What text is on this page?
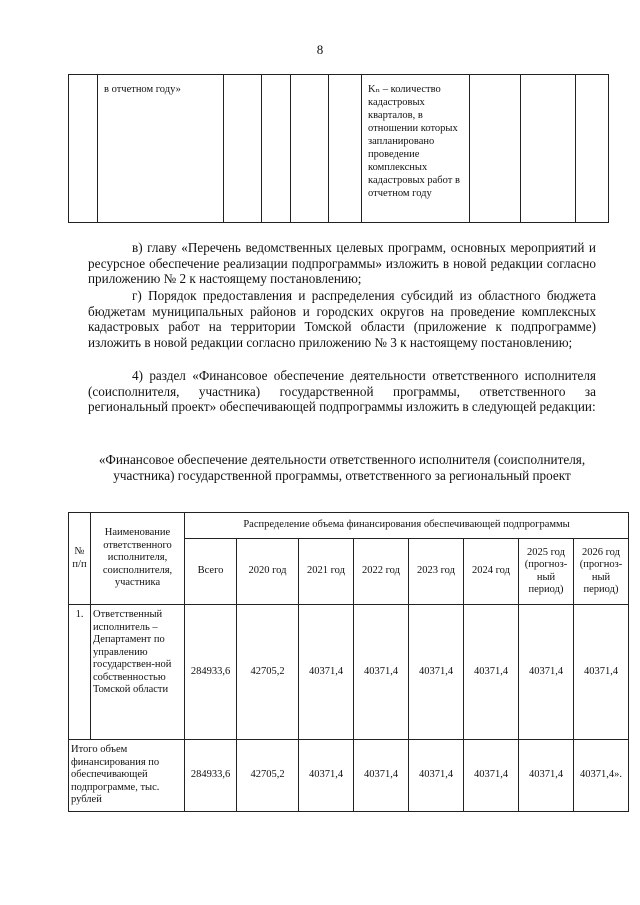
8
	в отчетном году»					Kₙ – количество кадастровых кварталов, в отношении которых запланировано проведение комплексных кадастровых работ в отчетном году			
в) главу «Перечень ведомственных целевых программ, основных мероприятий и ресурсное обеспечение реализации подпрограммы» изложить в новой редакции согласно приложению № 2 к настоящему постановлению;
г) Порядок предоставления и распределения субсидий из областного бюджета бюджетам муниципальных районов и городских округов на проведение комплексных кадастровых работ на территории Томской области (приложение к подпрограмме) изложить в новой редакции согласно приложению № 3 к настоящему постановлению;
4) раздел «Финансовое обеспечение деятельности ответственного исполнителя (соисполнителя, участника) государственной программы, ответственного за региональный проект» обеспечивающей подпрограммы изложить в следующей редакции:
«Финансовое обеспечение деятельности ответственного исполнителя (соисполнителя, участника) государственной программы, ответственного за региональный проект
№ п/п	Наименование ответственного исполнителя, соисполнителя, участника	Распределение объема финансирования обеспечивающей подпрограммы							
		Всего	2020 год	2021 год	2022 год	2023 год	2024 год	2025 год (прогноз-ный период)	2026 год (прогноз-ный период)
1.	Ответственный исполнитель – Департамент по управлению государствен-ной собственностью Томской области	284933,6	42705,2	40371,4	40371,4	40371,4	40371,4	40371,4	40371,4
Итого объем финансирования по обеспечивающей подпрограмме, тыс. рублей		284933,6	42705,2	40371,4	40371,4	40371,4	40371,4	40371,4	40371,4».
